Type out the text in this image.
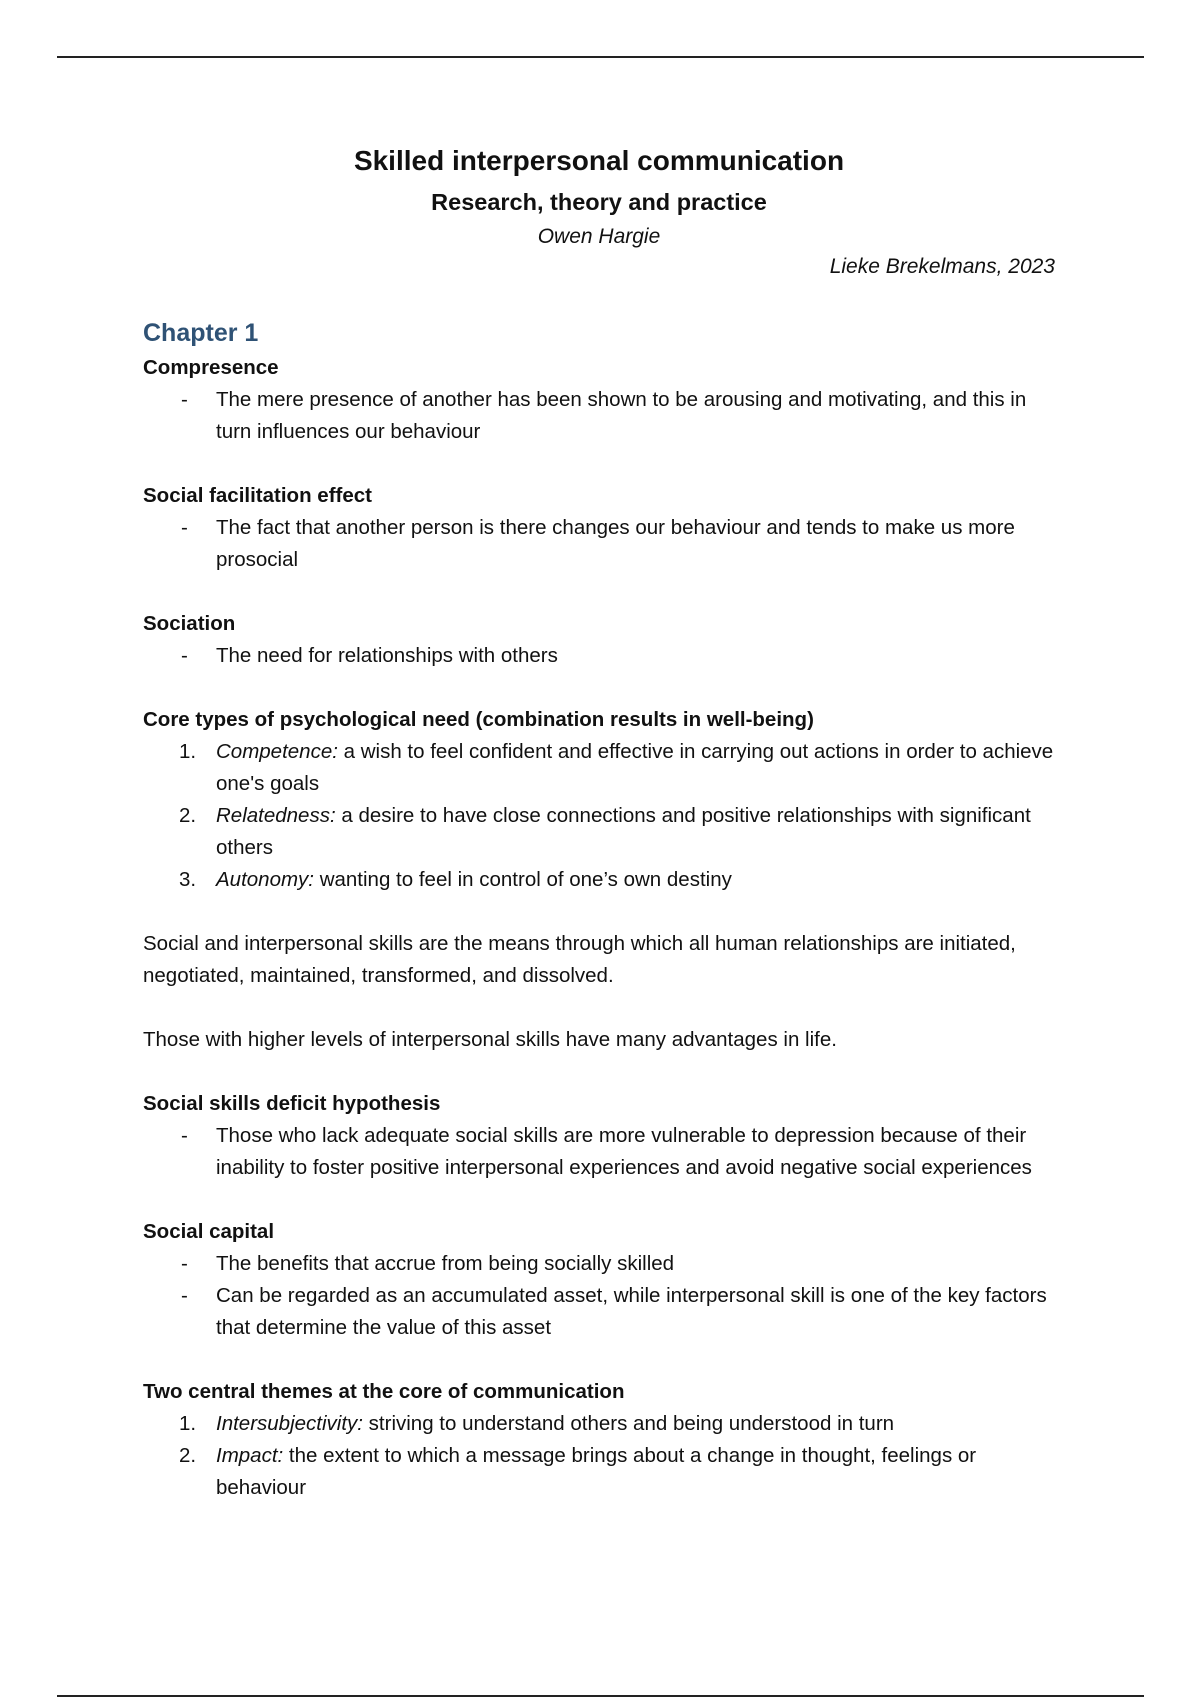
Skilled interpersonal communication
Research, theory and practice

Owen Hargie

Lieke Brekelmans, 2023

Chapter 1

Compresence

- The mere presence of another has been shown to be arousing and motivating, and this in turn influences our behaviour

Social facilitation effect

- The fact that another person is there changes our behaviour and tends to make us more prosocial

Sociation

- The need for relationships with others

Core types of psychological need (combination results in well-being)

1. Competence: a wish to feel confident and effective in carrying out actions in order to achieve one's goals
2. Relatedness: a desire to have close connections and positive relationships with significant others
3. Autonomy: wanting to feel in control of one’s own destiny

Social and interpersonal skills are the means through which all human relationships are initiated, negotiated, maintained, transformed, and dissolved.

Those with higher levels of interpersonal skills have many advantages in life.

Social skills deficit hypothesis

- Those who lack adequate social skills are more vulnerable to depression because of their inability to foster positive interpersonal experiences and avoid negative social experiences

Social capital

- The benefits that accrue from being socially skilled
- Can be regarded as an accumulated asset, while interpersonal skill is one of the key factors that determine the value of this asset

Two central themes at the core of communication

1. Intersubjectivity: striving to understand others and being understood in turn
2. Impact: the extent to which a message brings about a change in thought, feelings or behaviour
